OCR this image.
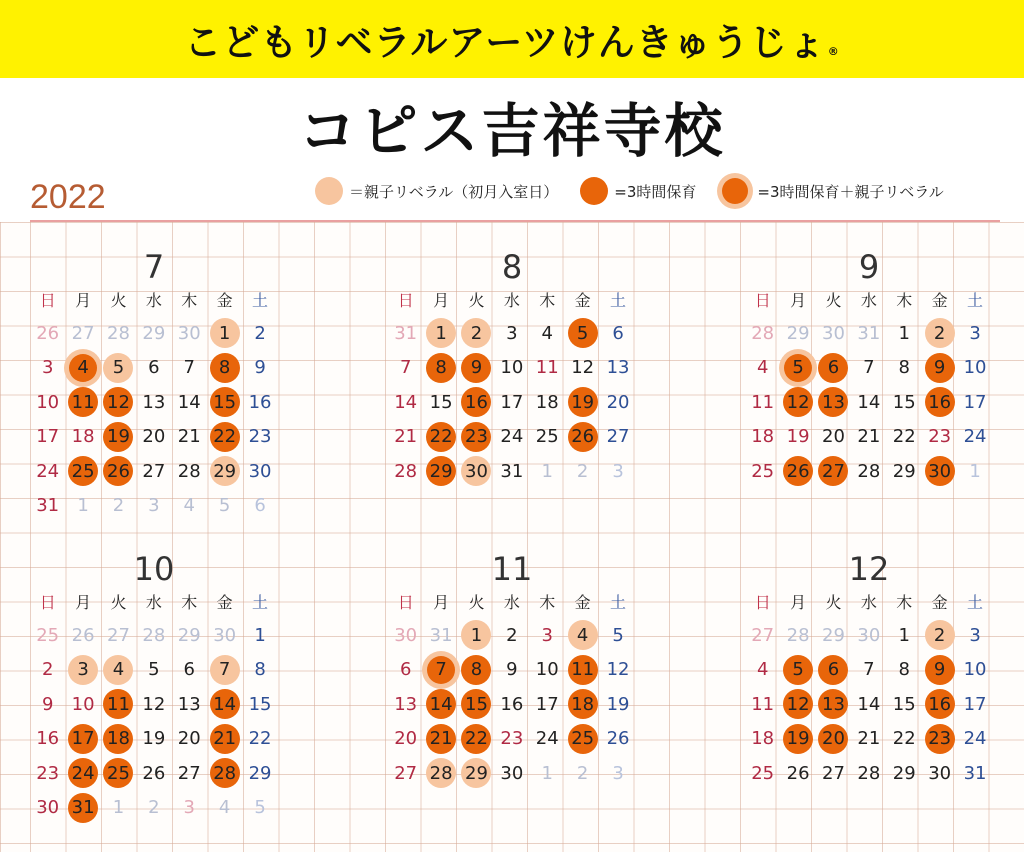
こどもリベラルアーツけんきゅうじょ ®
コピス吉祥寺校
2022	＝親子リベラル（初月入室日）	=3時間保育	=3時間保育＋親子リベラル
7
日	月	火	水	木	金	土
26 27 28 29 30 1 2
3 4 5 6 7 8 9
10 11 12 13 14 15 16
17 18 19 20 21 22 23
24 25 26 27 28 29 30
31 1 2 3 4 5 6
8
日	月	火	水	木	金	土
31 1 2 3 4 5 6
7 8 9 10 11 12 13
14 15 16 17 18 19 20
21 22 23 24 25 26 27
28 29 30 31 1 2 3
9
日	月	火	水	木	金	土
28 29 30 31 1 2 3
4 5 6 7 8 9 10
11 12 13 14 15 16 17
18 19 20 21 22 23 24
25 26 27 28 29 30 1
10
日	月	火	水	木	金	土
25 26 27 28 29 30 1
2 3 4 5 6 7 8
9 10 11 12 13 14 15
16 17 18 19 20 21 22
23 24 25 26 27 28 29
30 31 1 2 3 4 5
11
日	月	火	水	木	金	土
30 31 1 2 3 4 5
6 7 8 9 10 11 12
13 14 15 16 17 18 19
20 21 22 23 24 25 26
27 28 29 30 1 2 3
12
日	月	火	水	木	金	土
27 28 29 30 1 2 3
4 5 6 7 8 9 10
11 12 13 14 15 16 17
18 19 20 21 22 23 24
25 26 27 28 29 30 31
